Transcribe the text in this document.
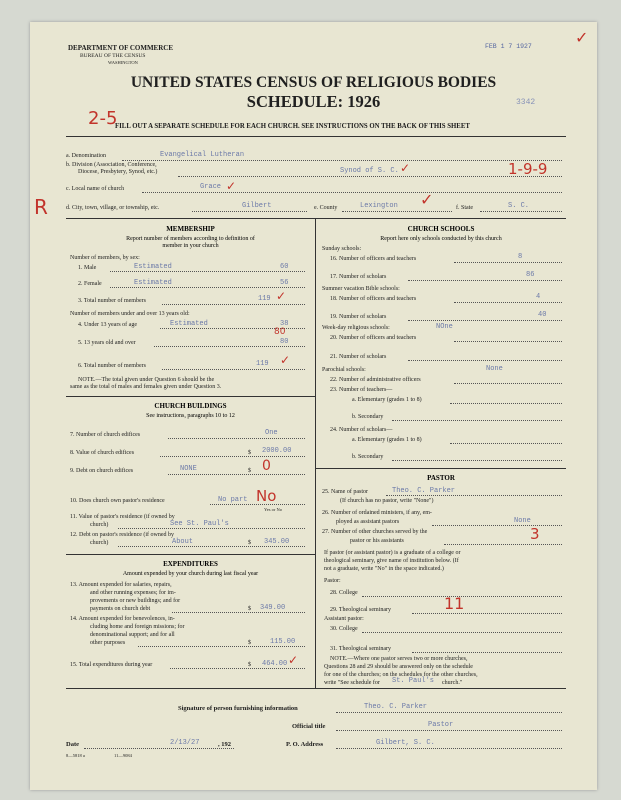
DEPARTMENT OF COMMERCE
BUREAU OF THE CENSUS
WASHINGTON
FEB 1 7 1927
UNITED STATES CENSUS OF RELIGIOUS BODIES
SCHEDULE: 1926	3342
FILL OUT A SEPARATE SCHEDULE FOR EACH CHURCH. SEE INSTRUCTIONS ON THE BACK OF THIS SHEET
2-5
1-9-9
R
✓
a. Denomination	Evangelical Lutheran
b. Division (Association, Conference,
Diocese, Presbytery, Synod, etc.)	Synod of S. C. ✓
c. Local name of church	Grace ✓
d. City, town, village, or township, etc.	Gilbert	e. County	Lexington ✓	f. State	S. C.
MEMBERSHIP
Report number of members according to definition of
member in your church
Number of members, by sex:
1. Male	Estimated	60
2. Female	Estimated	56
3. Total number of members	119 ✓
Number of members under and over 13 years old:
4. Under 13 years of age	Estimated	38
80
5. 13 years old and over	80
6. Total number of members	119 ✓
NOTE.—The total given under Question 6 should be the
same as the total of males and females given under Question 3.
CHURCH BUILDINGS
See instructions, paragraphs 10 to 12
7. Number of church edifices	One
8. Value of church edifices	$ 2000.00
9. Debt on church edifices	NONE	$ 0
10. Does church own pastor's residence	No part No
Yes or No
11. Value of pastor's residence (if owned by
church)	See St. Paul's
12. Debt on pastor's residence (if owned by
church)	About	$ 345.00
EXPENDITURES
Amount expended by your church during last fiscal year
13. Amount expended for salaries, repairs,
and other running expenses; for im-
provements or new buildings; and for
payments on church debt	$ 349.00
14. Amount expended for benevolences, in-
cluding home and foreign missions; for
denominational support; and for all
other purposes	$	115.00
15. Total expenditures during year	$ 464.00 ✓
CHURCH SCHOOLS
Report here only schools conducted by this church
Sunday schools:
16. Number of officers and teachers	8
17. Number of scholars	86
Summer vacation Bible schools:
18. Number of officers and teachers	4
19. Number of scholars	40
Week-day religious schools:	NOne
20. Number of officers and teachers
21. Number of scholars
Parochial schools:	None
22. Number of administrative officers
23. Number of teachers—
a. Elementary (grades 1 to 8)
b. Secondary
24. Number of scholars—
a. Elementary (grades 1 to 8)
b. Secondary
PASTOR
25. Name of pastor	Theo. C. Parker
(If church has no pastor, write "None")
26. Number of ordained ministers, if any, em-
ployed as assistant pastors	None
27. Number of other churches served by the
pastor or his assistants	3
If pastor (or assistant pastor) is a graduate of a college or
theological seminary, give name of institution below. (If
not a graduate, write "No" in the space indicated.)
Pastor:
28. College
29. Theological seminary	11
Assistant pastor:
30. College
31. Theological seminary
NOTE.—Where one pastor serves two or more churches,
Questions 28 and 29 should be answered only on the schedule
for one of the churches; on the schedules for the other churches,
write "See schedule for St. Paul's church."
Signature of person furnishing information	Theo. C. Parker
Official title	Pastor
Date	2/13/27	, 192	P. O. Address	Gilbert, S. C.
8—5818 a	11—9084
